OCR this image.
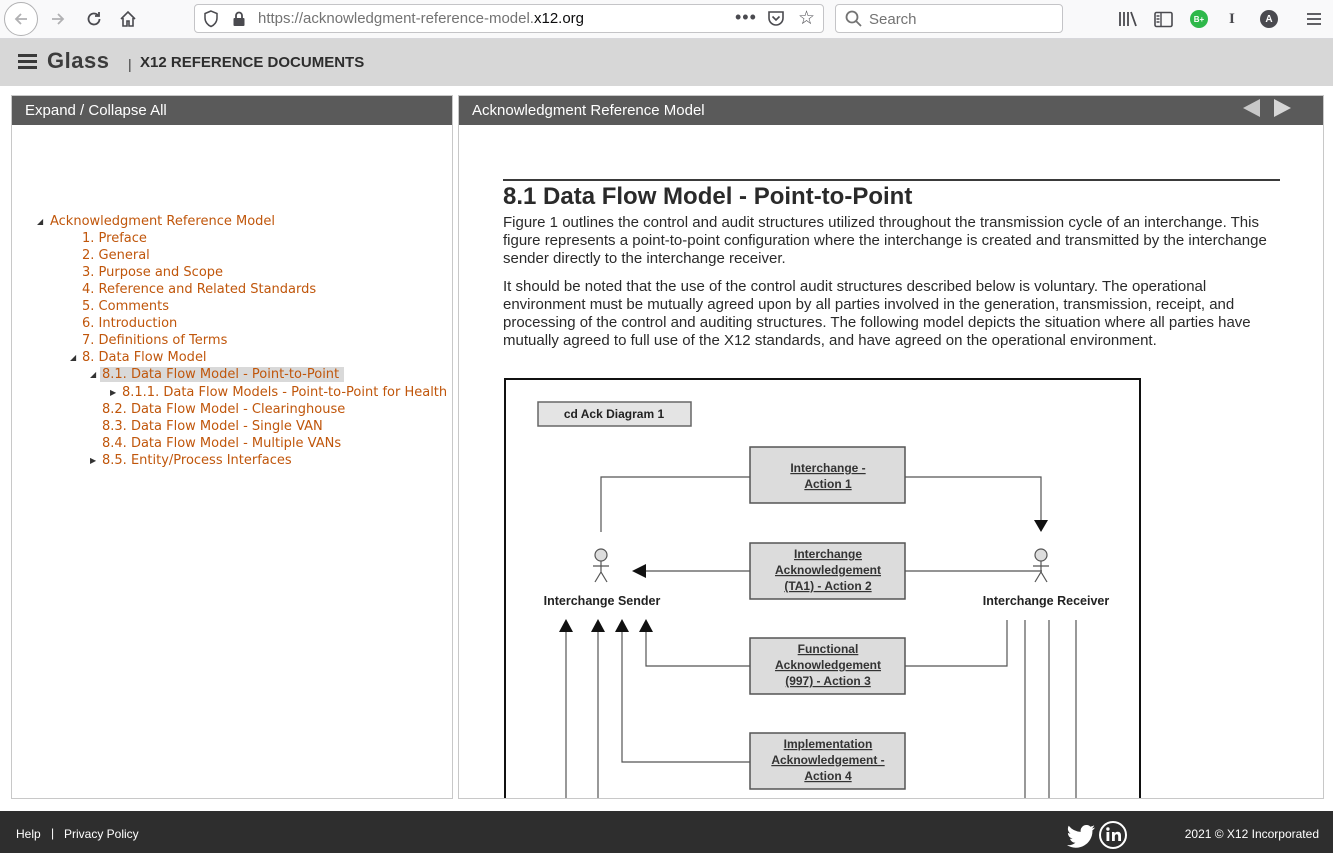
https://acknowledgment-reference-model.x12.org	••• ☆	Search	B+ I	A
Glass | X12 REFERENCE DOCUMENTS
Expand / Collapse All
◢ Acknowledgment Reference Model
1. Preface
2. General
3. Purpose and Scope
4. Reference and Related Standards
5. Comments
6. Introduction
7. Definitions of Terms
◢ 8. Data Flow Model
◢ 8.1. Data Flow Model - Point-to-Point
▶ 8.1.1. Data Flow Models - Point-to-Point for Health
8.2. Data Flow Model - Clearinghouse
8.3. Data Flow Model - Single VAN
8.4. Data Flow Model - Multiple VANs
▶ 8.5. Entity/Process Interfaces
Acknowledgment Reference Model
8.1 Data Flow Model - Point-to-Point
Figure 1 outlines the control and audit structures utilized throughout the transmission cycle of an interchange. This figure represents a point-to-point configuration where the interchange is created and transmitted by the interchange sender directly to the interchange receiver.
It should be noted that the use of the control audit structures described below is voluntary. The operational environment must be mutually agreed upon by all parties involved in the generation, transmission, receipt, and processing of the control and auditing structures. The following model depicts the situation where all parties have mutually agreed to full use of the X12 standards, and have agreed on the operational environment.
cd Ack Diagram 1
Interchange -
Action 1
Interchange
Acknowledgement
(TA1) - Action 2
Functional
Acknowledgement
(997) - Action 3
Implementation
Acknowledgement -
Action 4
Interchange Sender	Interchange Receiver
Help | Privacy Policy	2021 © X12 Incorporated
